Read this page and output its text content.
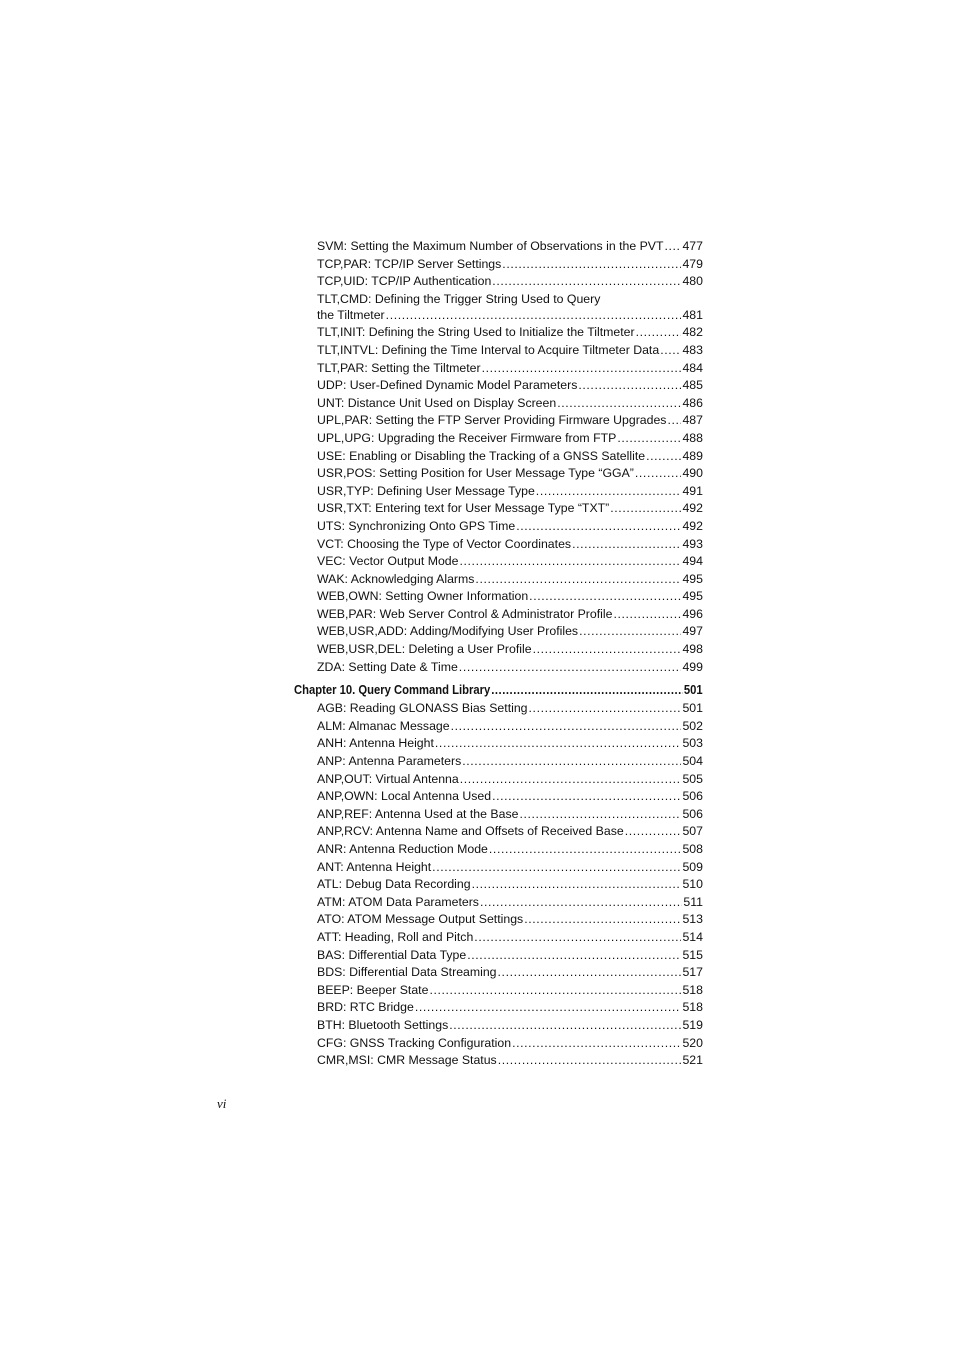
SVM: Setting the Maximum Number of Observations in the PVT ..... 477
TCP,PAR: TCP/IP Server Settings .....	479
TCP,UID: TCP/IP Authentication .....	480
TLT,CMD: Defining the Trigger String Used to Query
the Tiltmeter .....	481
TLT,INIT: Defining the String Used to Initialize the Tiltmeter .....	482
TLT,INTVL: Defining the Time Interval to Acquire Tiltmeter Data ..... 483
TLT,PAR: Setting the Tiltmeter .....	484
UDP: User-Defined Dynamic Model Parameters .....	485
UNT: Distance Unit Used on Display Screen .....	486
UPL,PAR: Setting the FTP Server Providing Firmware Upgrades ..... 487
UPL,UPG: Upgrading the Receiver Firmware from FTP .....	488
USE: Enabling or Disabling the Tracking of a GNSS Satellite .....	489
USR,POS: Setting Position for User Message Type “GGA” .....	490
USR,TYP: Defining User Message Type .....	491
USR,TXT: Entering text for User Message Type “TXT” .....	492
UTS: Synchronizing Onto GPS Time .....	492
VCT: Choosing the Type of Vector Coordinates .....	493
VEC: Vector Output Mode .....	494
WAK: Acknowledging Alarms .....	495
WEB,OWN: Setting Owner Information .....	495
WEB,PAR: Web Server Control & Administrator Profile .....	496
WEB,USR,ADD: Adding/Modifying User Profiles .....	497
WEB,USR,DEL: Deleting a User Profile .....	498
ZDA: Setting Date & Time .....	499
Chapter 10. Query Command Library .....	501
AGB: Reading GLONASS Bias Setting .....	501
ALM: Almanac Message .....	502
ANH: Antenna Height .....	503
ANP: Antenna Parameters .....	504
ANP,OUT: Virtual Antenna .....	505
ANP,OWN: Local Antenna Used .....	506
ANP,REF: Antenna Used at the Base .....	506
ANP,RCV: Antenna Name and Offsets of Received Base .....	507
ANR: Antenna Reduction Mode .....	508
ANT: Antenna Height .....	509
ATL: Debug Data Recording .....	510
ATM: ATOM Data Parameters .....	511
ATO: ATOM Message Output Settings .....	513
ATT: Heading, Roll and Pitch .....	514
BAS: Differential Data Type .....	515
BDS: Differential Data Streaming .....	517
BEEP: Beeper State .....	518
BRD: RTC Bridge .....	518
BTH: Bluetooth Settings .....	519
CFG: GNSS Tracking Configuration .....	520
CMR,MSI: CMR Message Status .....	521
vi
